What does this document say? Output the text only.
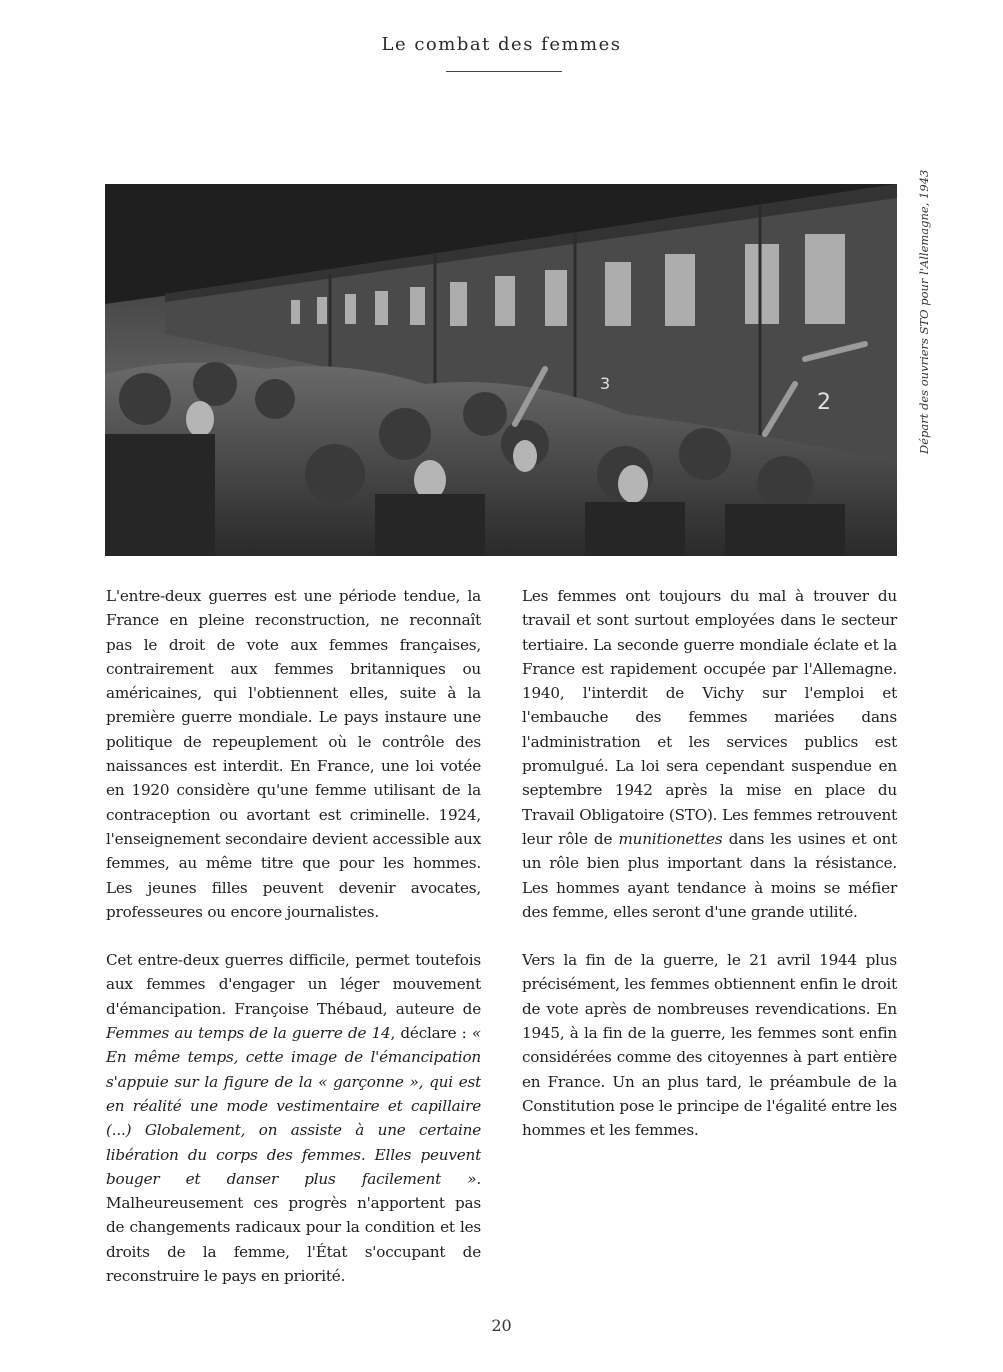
Le combat des femmes
2
3	Départ des ouvriers STO pour l'Allemagne, 1943

L'entre-deux guerres est une période tendue, la France en pleine reconstruction, ne reconnaît pas le droit de vote aux femmes françaises, contrairement aux femmes britanniques ou américaines, qui l'obtiennent elles, suite à la première guerre mondiale. Le pays instaure une politique de repeuplement où le contrôle des naissances est interdit. En France, une loi votée en 1920 considère qu'une femme utilisant de la contraception ou avortant est criminelle. 1924, l'enseignement secondaire devient accessible aux femmes, au même titre que pour les hommes. Les jeunes filles peuvent devenir avocates, professeures ou encore journalistes.

Cet entre-deux guerres difficile, permet toutefois aux femmes d'engager un léger mouvement d'émancipation. Françoise Thébaud, auteure de Femmes au temps de la guerre de 14, déclare : « En même temps, cette image de l'émancipation s'appuie sur la figure de la « garçonne », qui est en réalité une mode vestimentaire et capillaire (...) Globalement, on assiste à une certaine libération du corps des femmes. Elles peuvent bouger et danser plus facilement ». Malheureusement ces progrès n'apportent pas de changements radicaux pour la condition et les droits de la femme, l'État s'occupant de reconstruire le pays en priorité.

Les femmes ont toujours du mal à trouver du travail et sont surtout employées dans le secteur tertiaire. La seconde guerre mondiale éclate et la France est rapidement occupée par l'Allemagne. 1940, l'interdit de Vichy sur l'emploi et l'embauche des femmes mariées dans l'administration et les services publics est promulgué. La loi sera cependant suspendue en septembre 1942 après la mise en place du Travail Obligatoire (STO). Les femmes retrouvent leur rôle de munitionettes dans les usines et ont un rôle bien plus important dans la résistance. Les hommes ayant tendance à moins se méfier des femme, elles seront d'une grande utilité.

Vers la fin de la guerre, le 21 avril 1944 plus précisément, les femmes obtiennent enfin le droit de vote après de nombreuses revendications. En 1945, à la fin de la guerre, les femmes sont enfin considérées comme des citoyennes à part entière en France. Un an plus tard, le préambule de la Constitution pose le principe de l'égalité entre les hommes et les femmes.

20
